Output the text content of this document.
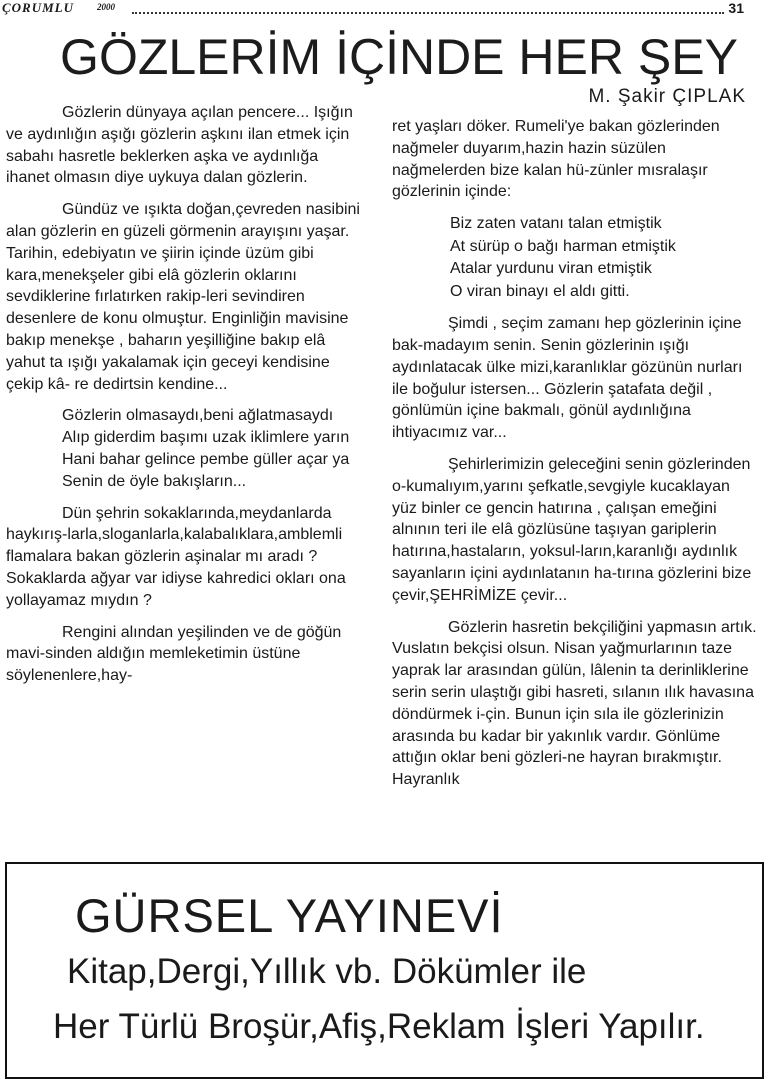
ÇORUMLU	2000	31
GÖZLERİM İÇİNDE HER ŞEY
M. Şakir ÇIPLAK

Gözlerin dünyaya açılan pencere... Işığın ve aydınlığın aşığı gözlerin aşkını ilan etmek için sabahı hasretle beklerken aşka ve aydınlığa ihanet olmasın diye uykuya dalan gözlerin.

Gündüz ve ışıkta doğan,çevreden nasibini alan gözlerin en güzeli görmenin arayışını yaşar. Tarihin, edebiyatın ve şiirin içinde üzüm gibi kara,menekşeler gibi elâ gözlerin oklarını sevdiklerine fırlatırken rakip-leri sevindiren desenlere de konu olmuştur. Enginliğin mavisine bakıp menekşe , baharın yeşilliğine bakıp elâ yahut ta ışığı yakalamak için geceyi kendisine çekip kâ- re dedirtsin kendine...

Gözlerin olmasaydı,beni ağlatmasaydı

Alıp giderdim başımı uzak iklimlere yarın

Hani bahar gelince pembe güller açar ya

Senin de öyle bakışların...

Dün şehrin sokaklarında,meydanlarda haykırış-larla,sloganlarla,kalabalıklara,amblemli flamalara bakan gözlerin aşinalar mı aradı ? Sokaklarda ağyar var idiyse kahredici okları ona yollayamaz mıydın ?

Rengini alından yeşilinden ve de göğün mavi-sinden aldığın memleketimin üstüne söylenenlere,hay-

ret yaşları döker. Rumeli'ye bakan gözlerinden nağmeler duyarım,hazin hazin süzülen nağmelerden bize kalan hü-zünler mısralaşır gözlerinin içinde:

Biz zaten vatanı talan etmiştik
At sürüp o bağı harman etmiştik
Atalar yurdunu viran etmiştik
O viran binayı el aldı gitti.

Şimdi , seçim zamanı hep gözlerinin içine bak-madayım senin. Senin gözlerinin ışığı aydınlatacak ülke mizi,karanlıklar gözünün nurları ile boğulur istersen... Gözlerin şatafata değil , gönlümün içine bakmalı, gönül aydınlığına ihtiyacımız var...

Şehirlerimizin geleceğini senin gözlerinden o-kumalıyım,yarını şefkatle,sevgiyle kucaklayan yüz binler ce gencin hatırına , çalışan emeğini alnının teri ile elâ gözlüsüne taşıyan gariplerin hatırına,hastaların, yoksul-ların,karanlığı aydınlık sayanların içini aydınlatanın ha-tırına gözlerini bize çevir,ŞEHRİMİZE çevir...

Gözlerin hasretin bekçiliğini yapmasın artık. Vuslatın bekçisi olsun. Nisan yağmurlarının taze yaprak lar arasından gülün, lâlenin ta derinliklerine serin serin ulaştığı gibi hasreti, sılanın ılık havasına döndürmek i-çin. Bunun için sıla ile gözlerinizin arasında bu kadar bir yakınlık vardır. Gönlüme attığın oklar beni gözleri-ne hayran bırakmıştır. Hayranlık

GÜRSEL YAYINEVİ
Kitap,Dergi,Yıllık vb. Dökümler ile
Her Türlü Broşür,Afiş,Reklam İşleri Yapılır.
